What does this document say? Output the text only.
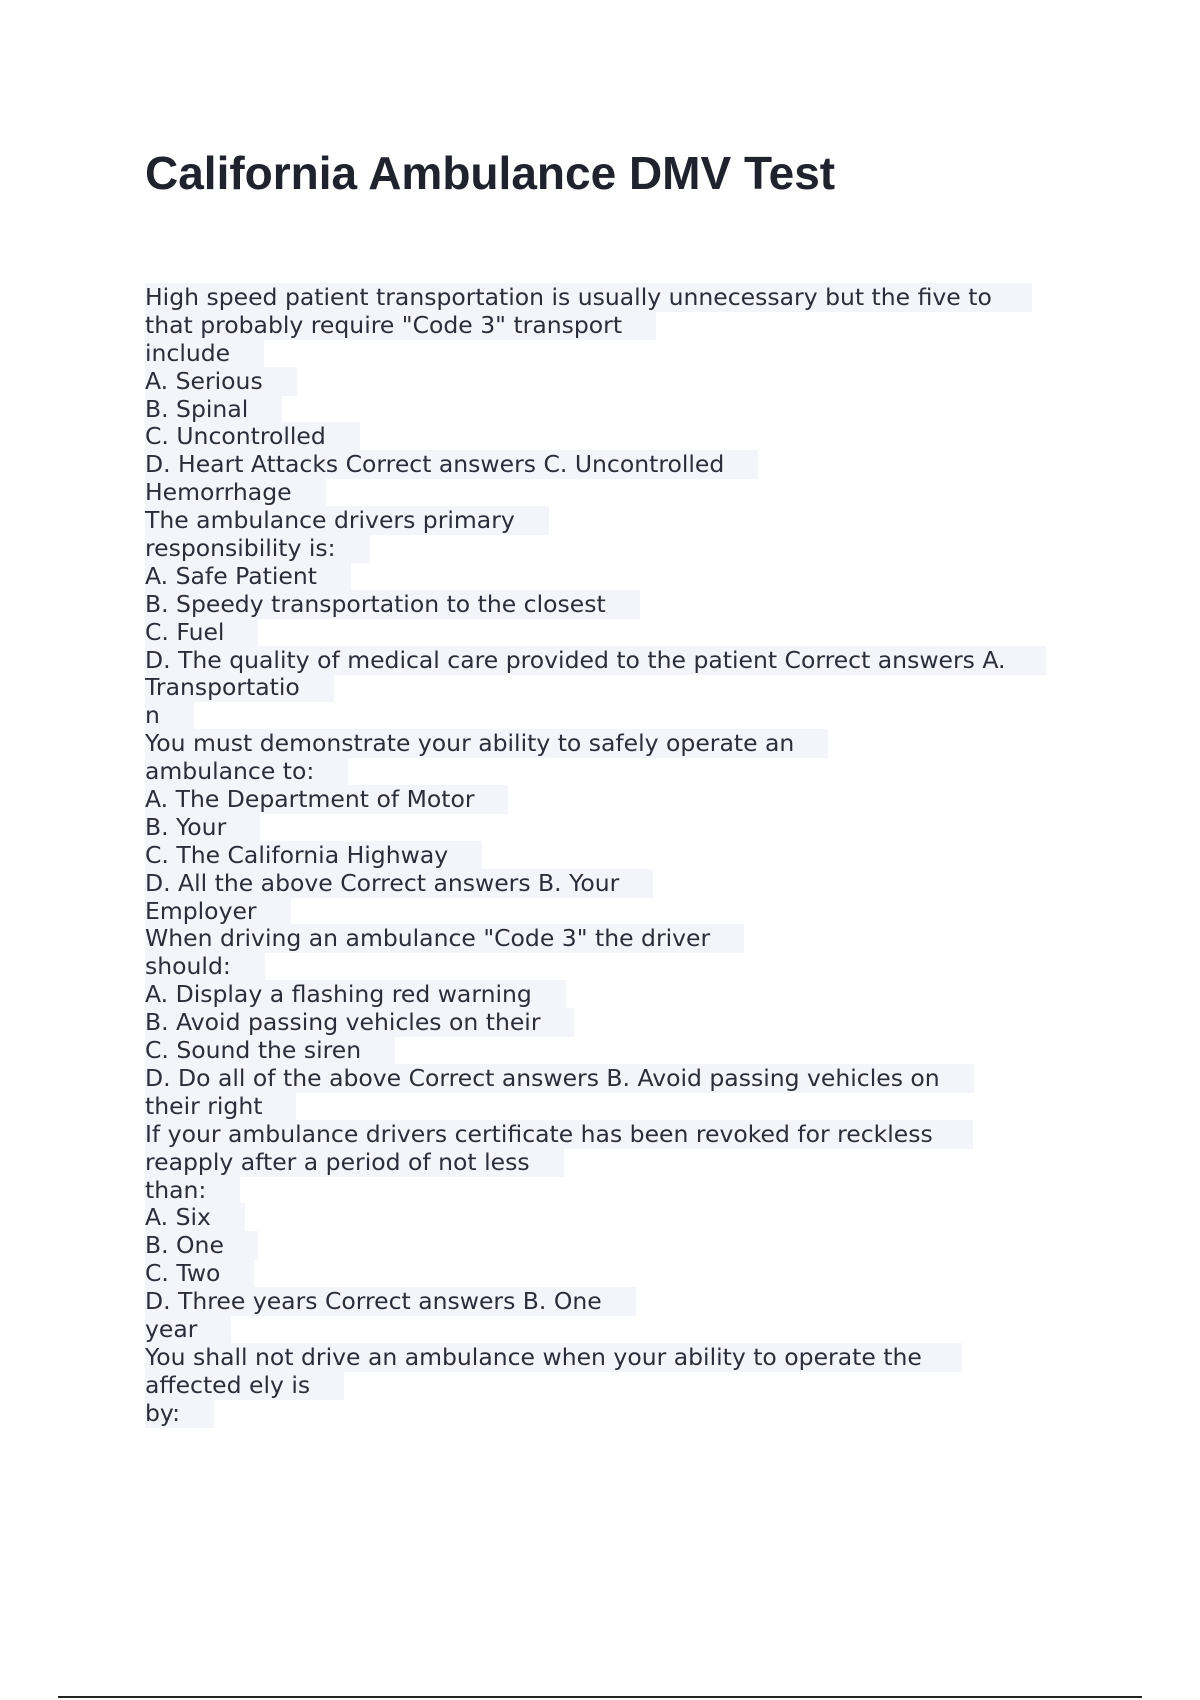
California Ambulance DMV Test
High speed patient transportation is usually unnecessary but the five to
that probably require "Code 3" transport
include
A. Serious
B. Spinal
C. Uncontrolled
D. Heart Attacks Correct answers C. Uncontrolled
Hemorrhage
The ambulance drivers primary
responsibility is:
A. Safe Patient
B. Speedy transportation to the closest
C. Fuel
D. The quality of medical care provided to the patient Correct answers A.
Transportatio
n
You must demonstrate your ability to safely operate an
ambulance to:
A. The Department of Motor
B. Your
C. The California Highway
D. All the above Correct answers B. Your
Employer
When driving an ambulance "Code 3" the driver
should:
A. Display a flashing red warning
B. Avoid passing vehicles on their
C. Sound the siren
D. Do all of the above Correct answers B. Avoid passing vehicles on
their right
If your ambulance drivers certificate has been revoked for reckless
reapply after a period of not less
than:
A. Six
B. One
C. Two
D. Three years Correct answers B. One
year
You shall not drive an ambulance when your ability to operate the
affected ely is
by:
